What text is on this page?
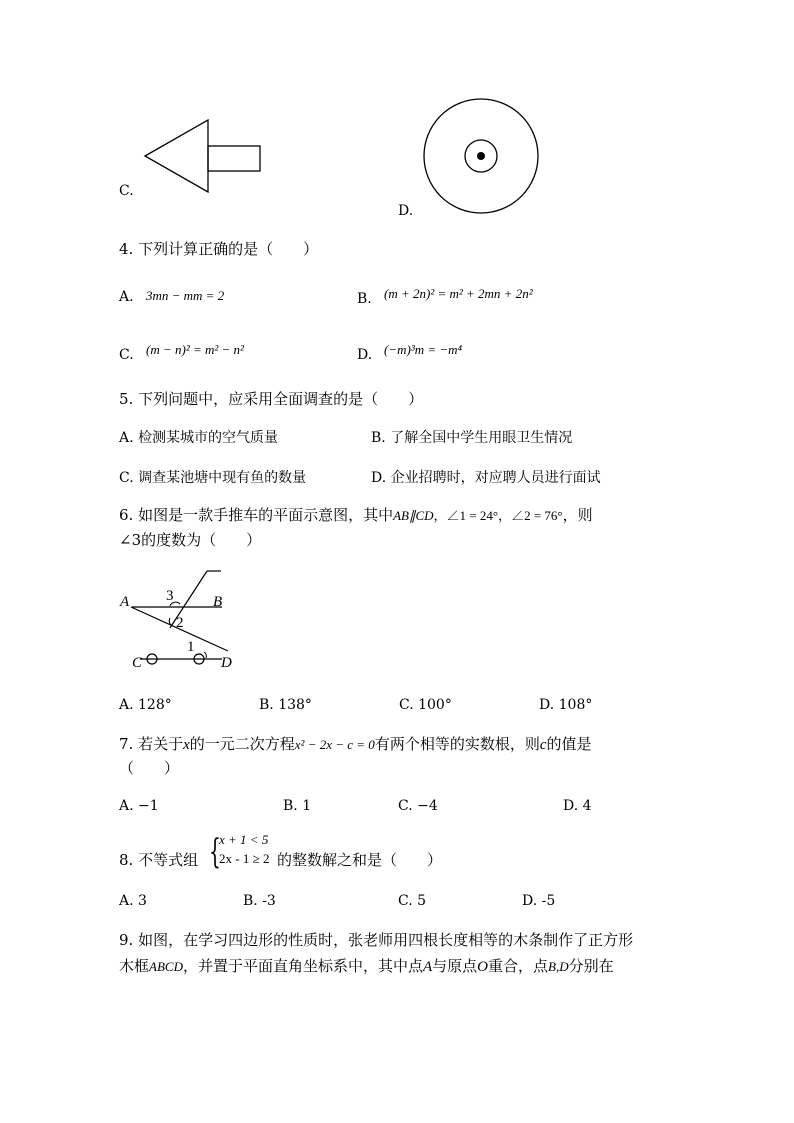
C.
D.
4. 下列计算正确的是（　　）
A. 3mn − mm = 2	B. (m + 2n)² = m² + 2mn + 2n²
C. (m − n)² = m² − n²	D. (−m)³m = −m⁴
5. 下列问题中，应采用全面调查的是（　　）
A. 检测某城市的空气质量	B. 了解全国中学生用眼卫生情况
C. 调查某池塘中现有鱼的数量	D. 企业招聘时，对应聘人员进行面试
6. 如图是一款手推车的平面示意图，其中AB∥CD，∠1 = 24°，∠2 = 76°，则
∠3的度数为（　　）
A	B
C	D
3
2
1
A. 128°	B. 138°	C. 100°	D. 108°
7. 若关于x的一元二次方程x² − 2x − c = 0有两个相等的实数根，则c的值是
（　　）
A. −1	B. 1	C. −4	D. 4
8. 不等式组 {
x + 1 < 5
2x - 1 ≥ 2 的整数解之和是（　　）
A. 3	B. -3	C. 5	D. -5
9. 如图，在学习四边形的性质时，张老师用四根长度相等的木条制作了正方形
木框ABCD，并置于平面直角坐标系中，其中点A与原点O重合，点B,D分别在
